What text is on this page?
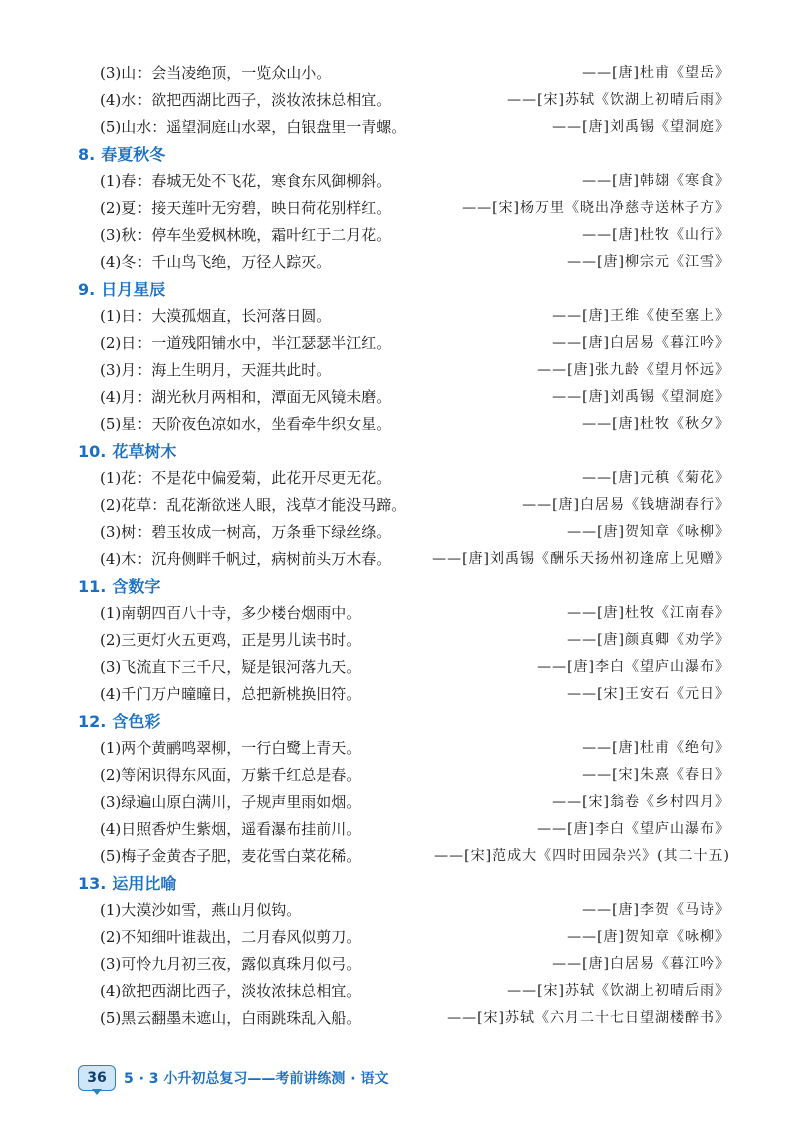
(3)山：会当凌绝顶，一览众山小。	——[唐]杜甫《望岳》
(4)水：欲把西湖比西子，淡妆浓抹总相宜。	——[宋]苏轼《饮湖上初晴后雨》
(5)山水：遥望洞庭山水翠，白银盘里一青螺。	——[唐]刘禹锡《望洞庭》
8. 春夏秋冬
(1)春：春城无处不飞花，寒食东风御柳斜。	——[唐]韩翃《寒食》
(2)夏：接天莲叶无穷碧，映日荷花别样红。	——[宋]杨万里《晓出净慈寺送林子方》
(3)秋：停车坐爱枫林晚，霜叶红于二月花。	——[唐]杜牧《山行》
(4)冬：千山鸟飞绝，万径人踪灭。	——[唐]柳宗元《江雪》
9. 日月星辰
(1)日：大漠孤烟直，长河落日圆。	——[唐]王维《使至塞上》
(2)日：一道残阳铺水中，半江瑟瑟半江红。	——[唐]白居易《暮江吟》
(3)月：海上生明月，天涯共此时。	——[唐]张九龄《望月怀远》
(4)月：湖光秋月两相和，潭面无风镜未磨。	——[唐]刘禹锡《望洞庭》
(5)星：天阶夜色凉如水，坐看牵牛织女星。	——[唐]杜牧《秋夕》
10. 花草树木
(1)花：不是花中偏爱菊，此花开尽更无花。	——[唐]元稹《菊花》
(2)花草：乱花渐欲迷人眼，浅草才能没马蹄。	——[唐]白居易《钱塘湖春行》
(3)树：碧玉妆成一树高，万条垂下绿丝绦。	——[唐]贺知章《咏柳》
(4)木：沉舟侧畔千帆过，病树前头万木春。	——[唐]刘禹锡《酬乐天扬州初逢席上见赠》
11. 含数字
(1)南朝四百八十寺，多少楼台烟雨中。	——[唐]杜牧《江南春》
(2)三更灯火五更鸡，正是男儿读书时。	——[唐]颜真卿《劝学》
(3)飞流直下三千尺，疑是银河落九天。	——[唐]李白《望庐山瀑布》
(4)千门万户曈曈日，总把新桃换旧符。	——[宋]王安石《元日》
12. 含色彩
(1)两个黄鹂鸣翠柳，一行白鹭上青天。	——[唐]杜甫《绝句》
(2)等闲识得东风面，万紫千红总是春。	——[宋]朱熹《春日》
(3)绿遍山原白满川，子规声里雨如烟。	——[宋]翁卷《乡村四月》
(4)日照香炉生紫烟，遥看瀑布挂前川。	——[唐]李白《望庐山瀑布》
(5)梅子金黄杏子肥，麦花雪白菜花稀。	——[宋]范成大《四时田园杂兴》(其二十五)
13. 运用比喻
(1)大漠沙如雪，燕山月似钩。	——[唐]李贺《马诗》
(2)不知细叶谁裁出，二月春风似剪刀。	——[唐]贺知章《咏柳》
(3)可怜九月初三夜，露似真珠月似弓。	——[唐]白居易《暮江吟》
(4)欲把西湖比西子，淡妆浓抹总相宜。	——[宋]苏轼《饮湖上初晴后雨》
(5)黑云翻墨未遮山，白雨跳珠乱入船。	——[宋]苏轼《六月二十七日望湖楼醉书》
36	5 · 3 小升初总复习——考前讲练测 · 语文
